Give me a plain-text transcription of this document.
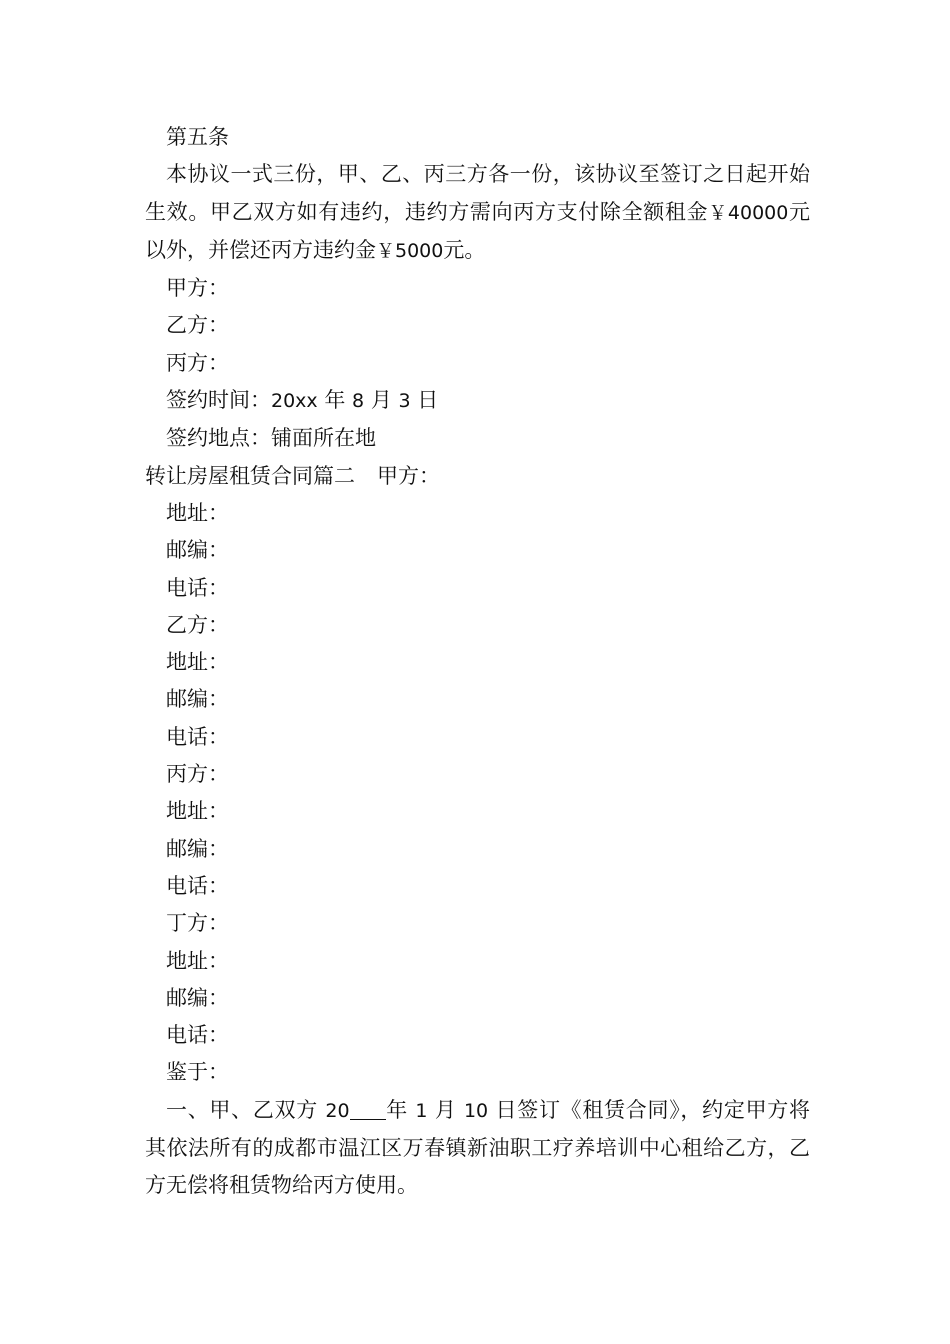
第五条

本协议一式三份，甲、乙、丙三方各一份，该协议至签订之日起开始生效。甲乙双方如有违约，违约方需向丙方支付除全额租金￥40000元以外，并偿还丙方违约金￥5000元。

甲方：

乙方：

丙方：

签约时间：20xx 年 8 月 3 日

签约地点：铺面所在地

转让房屋租赁合同篇二 甲方：

地址：

邮编：

电话：

乙方：

地址：

邮编：

电话：

丙方：

地址：

邮编：

电话：

丁方：

地址：

邮编：

电话：

鉴于：

一、甲、乙双方 20 年 1 月 10 日签订《租赁合同》，约定甲方将其依法所有的成都市温江区万春镇新油职工疗养培训中心租给乙方，乙方无偿将租赁物给丙方使用。
